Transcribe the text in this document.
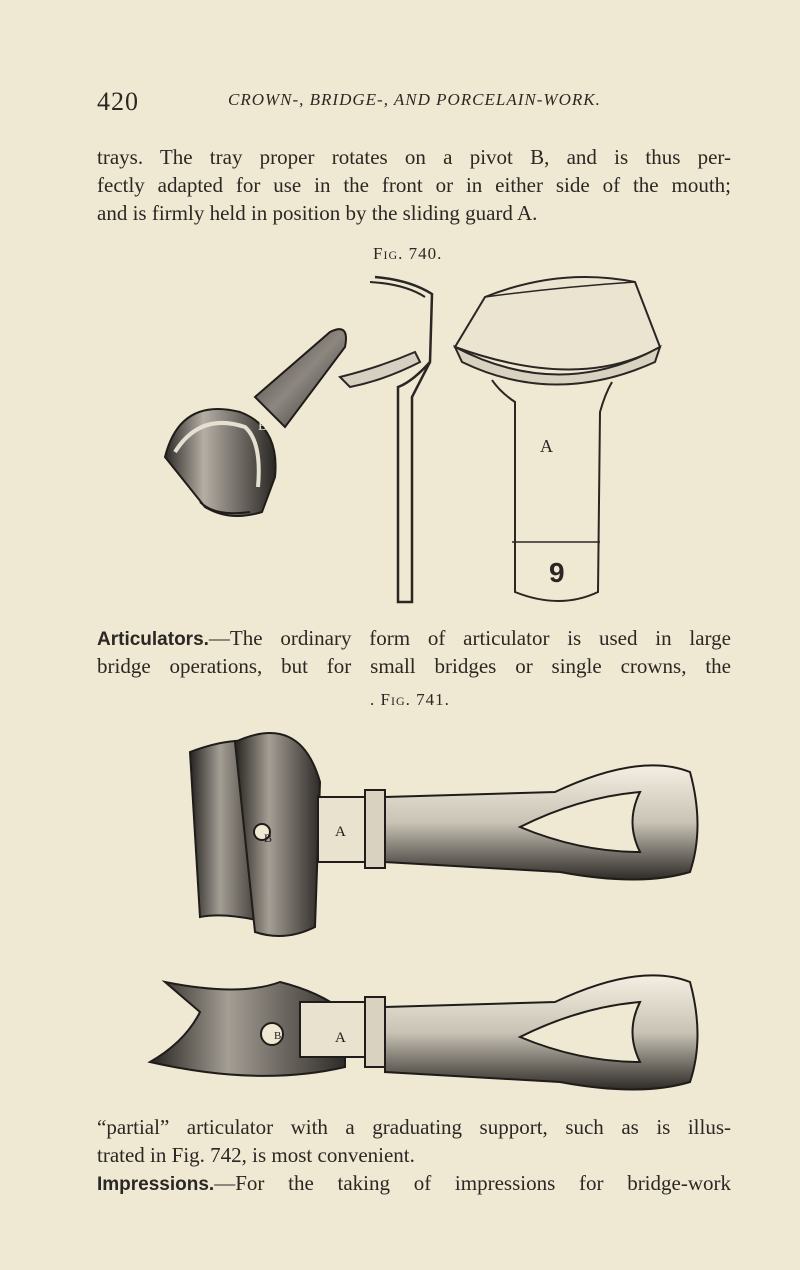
420	CROWN-, BRIDGE-, AND PORCELAIN-WORK.
trays. The tray proper rotates on a pivot B, and is thus per-
fectly adapted for use in the front or in either side of the mouth;
and is firmly held in position by the sliding guard A.
Fig. 740.
B
A
9
Articulators.—The ordinary form of articulator is used in large
bridge operations, but for small bridges or single crowns, the
. Fig. 741.
A
B
A
B
“partial” articulator with a graduating support, such as is illus-
trated in Fig. 742, is most convenient.
Impressions.—For the taking of impressions for bridge-work
